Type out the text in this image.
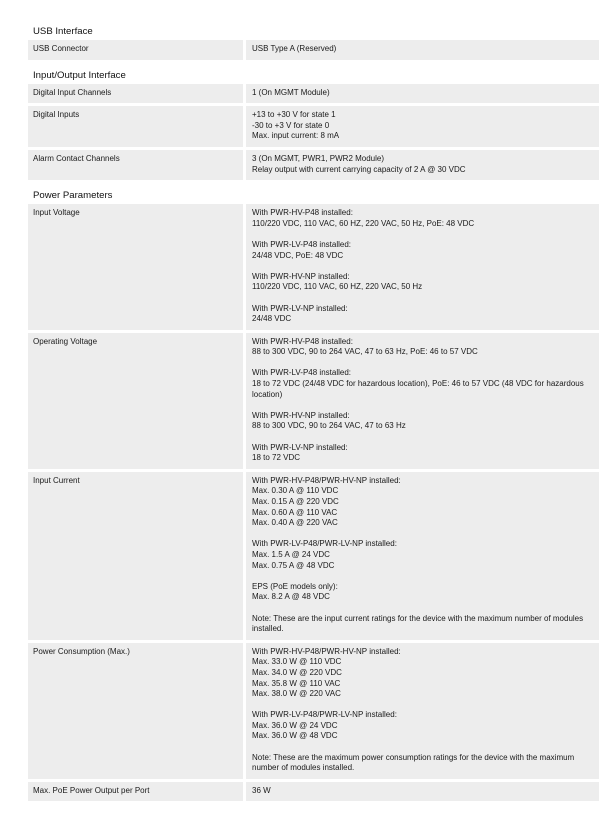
USB Interface
USB Connector	USB Type A (Reserved)
Input/Output Interface
Digital Input Channels	1 (On MGMT Module)
Digital Inputs	+13 to +30 V for state 1
-30 to +3 V for state 0
Max. input current: 8 mA
Alarm Contact Channels	3 (On MGMT, PWR1, PWR2 Module)
Relay output with current carrying capacity of 2 A @ 30 VDC
Power Parameters
Input Voltage	With PWR-HV-P48 installed:
110/220 VDC, 110 VAC, 60 HZ, 220 VAC, 50 Hz, PoE: 48 VDC
With PWR-LV-P48 installed:
24/48 VDC, PoE: 48 VDC
With PWR-HV-NP installed:
110/220 VDC, 110 VAC, 60 HZ, 220 VAC, 50 Hz
With PWR-LV-NP installed:
24/48 VDC
Operating Voltage	With PWR-HV-P48 installed:
88 to 300 VDC, 90 to 264 VAC, 47 to 63 Hz, PoE: 46 to 57 VDC
With PWR-LV-P48 installed:
18 to 72 VDC (24/48 VDC for hazardous location), PoE: 46 to 57 VDC (48 VDC for hazardous location)
With PWR-HV-NP installed:
88 to 300 VDC, 90 to 264 VAC, 47 to 63 Hz
With PWR-LV-NP installed:
18 to 72 VDC
Input Current	With PWR-HV-P48/PWR-HV-NP installed:
Max. 0.30 A @ 110 VDC
Max. 0.15 A @ 220 VDC
Max. 0.60 A @ 110 VAC
Max. 0.40 A @ 220 VAC
With PWR-LV-P48/PWR-LV-NP installed:
Max. 1.5 A @ 24 VDC
Max. 0.75 A @ 48 VDC
EPS (PoE models only):
Max. 8.2 A @ 48 VDC
Note: These are the input current ratings for the device with the maximum number of modules installed.
Power Consumption (Max.)	With PWR-HV-P48/PWR-HV-NP installed:
Max. 33.0 W @ 110 VDC
Max. 34.0 W @ 220 VDC
Max. 35.8 W @ 110 VAC
Max. 38.0 W @ 220 VAC
With PWR-LV-P48/PWR-LV-NP installed:
Max. 36.0 W @ 24 VDC
Max. 36.0 W @ 48 VDC
Note: These are the maximum power consumption ratings for the device with the maximum number of modules installed.
Max. PoE Power Output per Port	36 W
